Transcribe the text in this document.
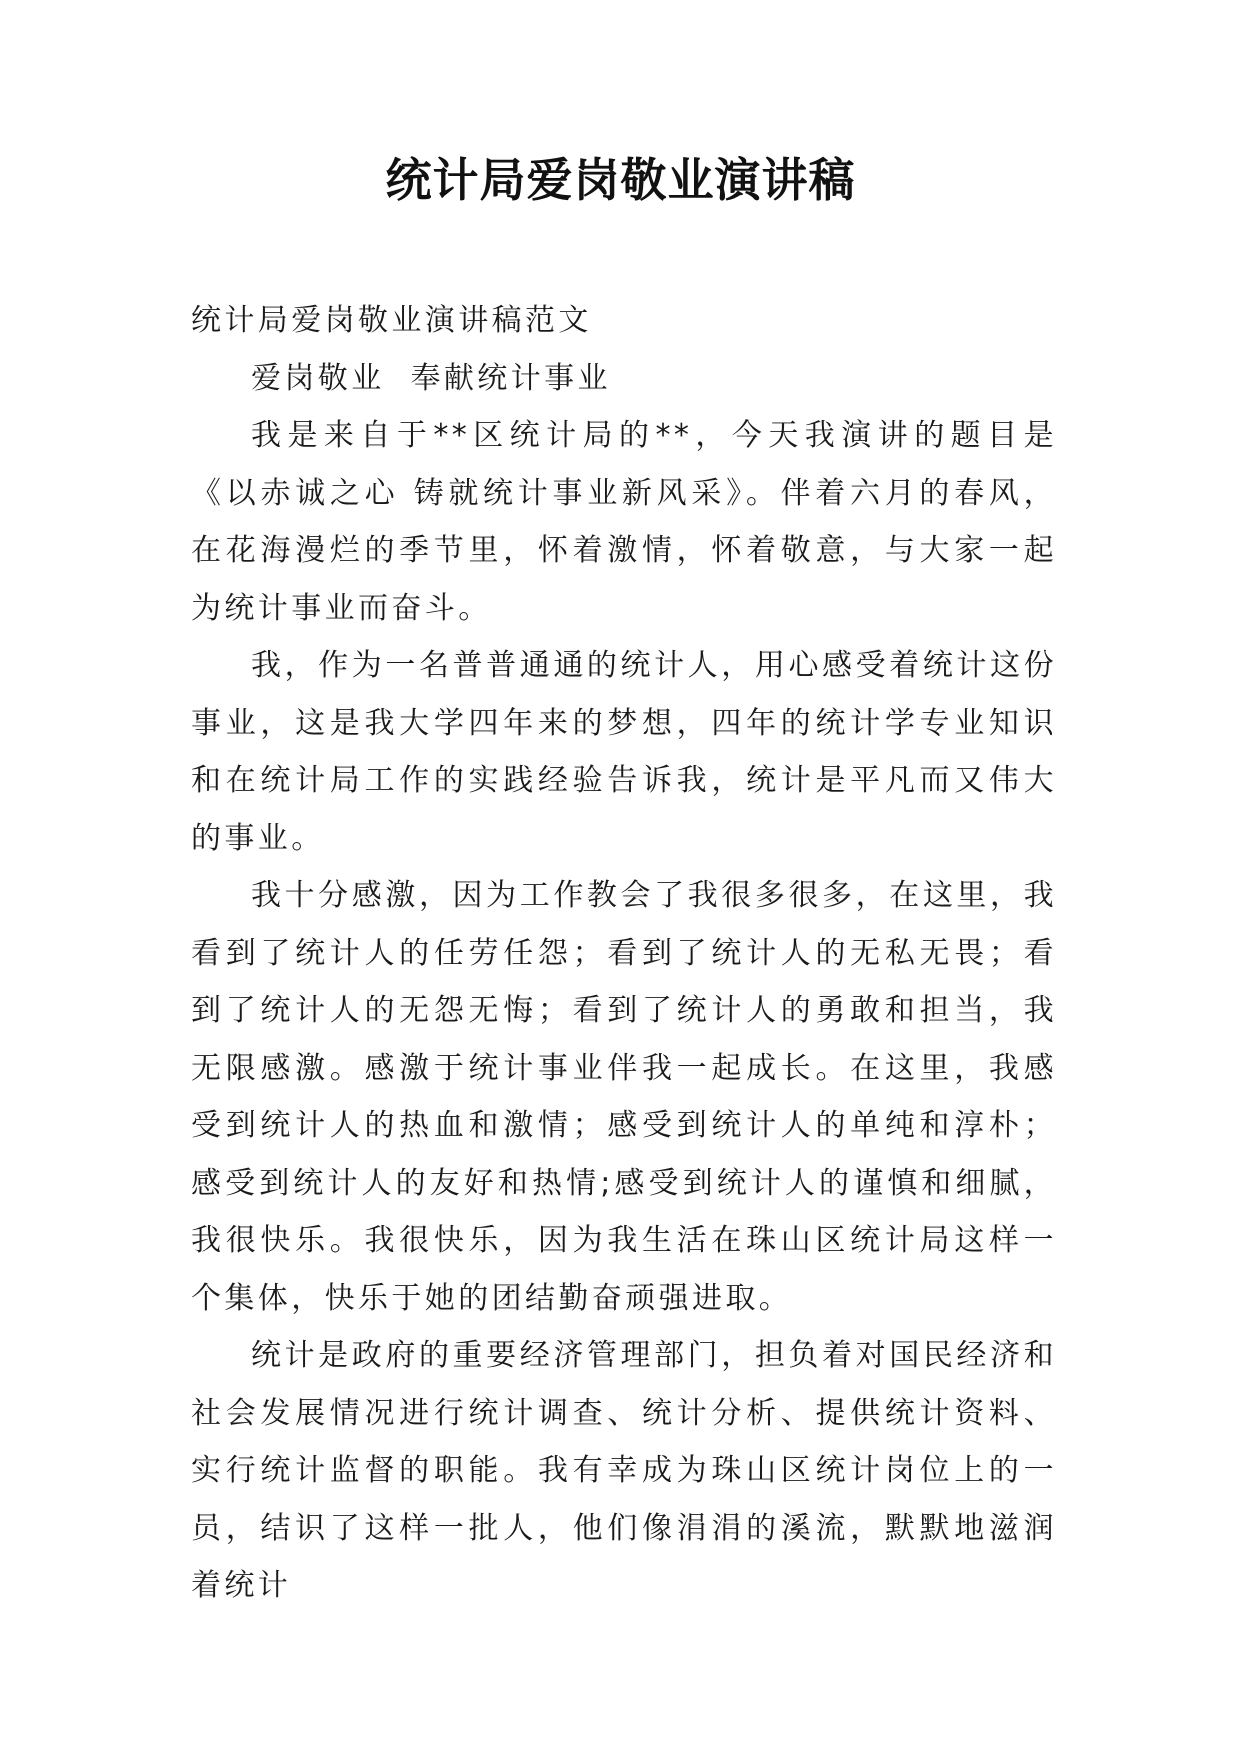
统计局爱岗敬业演讲稿

统计局爱岗敬业演讲稿范文

爱岗敬业  奉献统计事业

我是来自于**区统计局的**，今天我演讲的题目是《以赤诚之心 铸就统计事业新风采》。伴着六月的春风，在花海漫烂的季节里，怀着激情，怀着敬意，与大家一起为统计事业而奋斗。

我，作为一名普普通通的统计人，用心感受着统计这份事业，这是我大学四年来的梦想，四年的统计学专业知识和在统计局工作的实践经验告诉我，统计是平凡而又伟大的事业。

我十分感激，因为工作教会了我很多很多，在这里，我看到了统计人的任劳任怨；看到了统计人的无私无畏；看到了统计人的无怨无悔；看到了统计人的勇敢和担当，我无限感激。感激于统计事业伴我一起成长。在这里，我感受到统计人的热血和激情；感受到统计人的单纯和淳朴；感受到统计人的友好和热情;感受到统计人的谨慎和细腻，我很快乐。我很快乐，因为我生活在珠山区统计局这样一个集体，快乐于她的团结勤奋顽强进取。

统计是政府的重要经济管理部门，担负着对国民经济和社会发展情况进行统计调查、统计分析、提供统计资料、实行统计监督的职能。我有幸成为珠山区统计岗位上的一员，结识了这样一批人，他们像涓涓的溪流，默默地滋润着统计
